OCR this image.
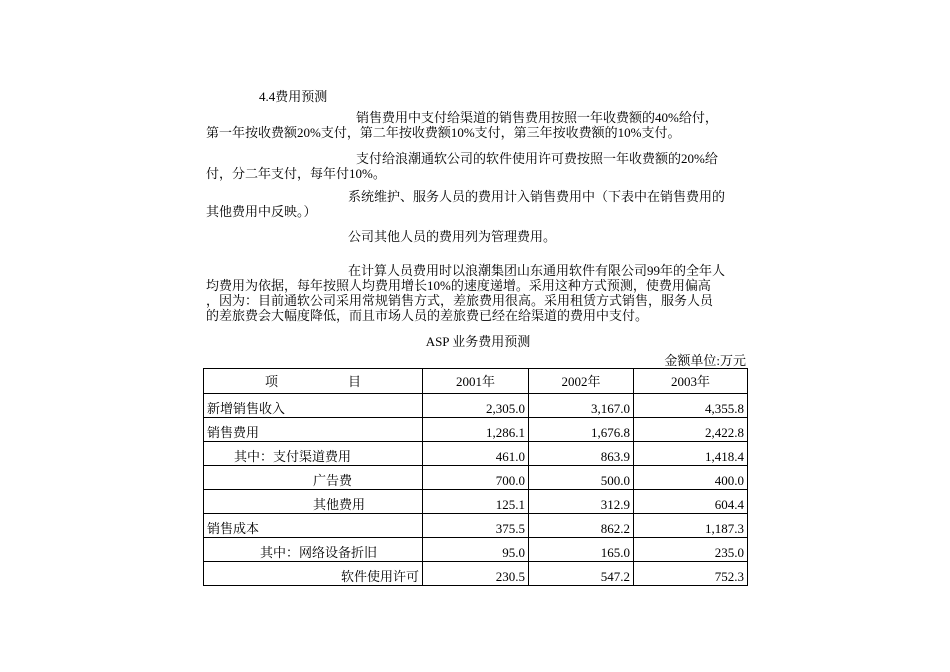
4.4费用预测
销售费用中支付给渠道的销售费用按照一年收费额的40%给付，
第一年按收费额20%支付，第二年按收费额10%支付，第三年按收费额的10%支付。
支付给浪潮通软公司的软件使用许可费按照一年收费额的20%给
付，分二年支付，每年付10%。
系统维护、服务人员的费用计入销售费用中（下表中在销售费用的
其他费用中反映。）
公司其他人员的费用列为管理费用。
在计算人员费用时以浪潮集团山东通用软件有限公司99年的全年人
均费用为依据，每年按照人均费用增长10%的速度递增。采用这种方式预测，使费用偏高
，因为：目前通软公司采用常规销售方式，差旅费用很高。采用租赁方式销售，服务人员
的差旅费会大幅度降低，而且市场人员的差旅费已经在给渠道的费用中支付。
ASP 业务费用预测
金额单位:万元
项 目	2001年	2002年	2003年
新增销售收入	2,305.0	3,167.0	4,355.8
销售费用	1,286.1	1,676.8	2,422.8
其中：支付渠道费用	461.0	863.9	1,418.4
广告费	700.0	500.0	400.0
其他费用	125.1	312.9	604.4
销售成本	375.5	862.2	1,187.3
其中：网络设备折旧	95.0	165.0	235.0
软件使用许可	230.5	547.2	752.3
